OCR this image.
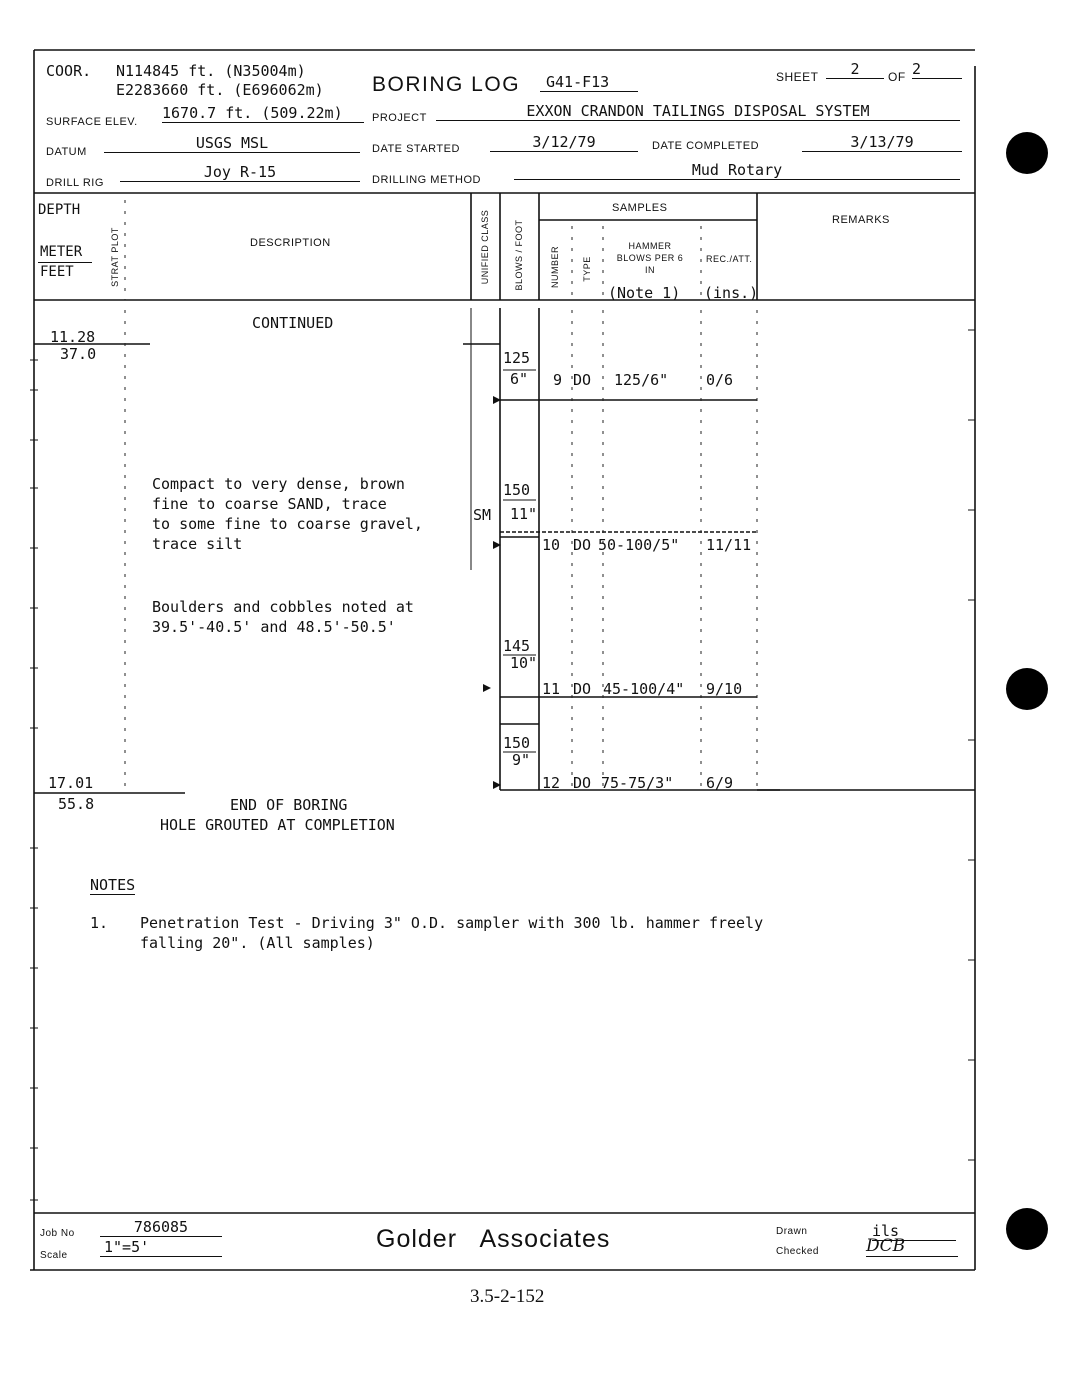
COOR. N114845 ft. (N35004m)
E2283660 ft. (E696062m) BORING LOG	G41-F13	SHEET	2	OF 2
SURFACE ELEV. 1670.7 ft. (509.22m)	PROJECT	EXXON CRANDON TAILINGS DISPOSAL SYSTEM
DATUM	USGS MSL	DATE STARTED	3/12/79	DATE COMPLETED	3/13/79
DRILL RIG
Joy R-15	DRILLING METHOD
Mud Rotary
DEPTH
METER
FEET	STRAT PLOT	DESCRIPTION	UNIFIED CLASS	BLOWS / FOOT
SAMPLES
NUMBER TYPE
HAMMER BLOWS PER 6 IN
(Note 1)
REC./ATT.
(ins.)
REMARKS
CONTINUED
11.28
37.0
Compact to very dense, brown
fine to coarse SAND, trace
to some fine to coarse gravel,
trace silt
Boulders and cobbles noted at
39.5'-40.5' and 48.5'-50.5'
SM
125
6" 9 DO 125/6"	0/6
150
11"
10 DO 50-100/5" 11/11
145
10"
11 DO 45-100/4" 9/10
150
9"
12 DO 75-75/3" 6/9
17.01
55.8	END OF BORING
HOLE GROUTED AT COMPLETION
NOTES
1. Penetration Test - Driving 3" O.D. sampler with 300 lb. hammer freely
falling 20". (All samples)
Job No	786085
Scale 1"=5'	Golder   Associates	Drawn	ils
Checked	DCB
3.5-2-152
